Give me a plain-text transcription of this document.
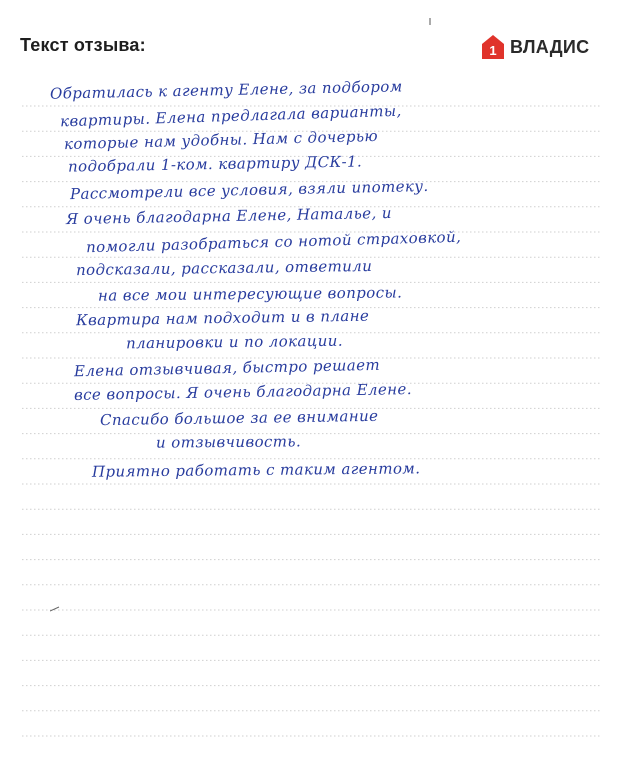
Текст отзыва:	1 ВЛАДИС
Обратилась к агенту Елене, за подбором
квартиры. Елена предлагала варианты,
которые нам удобны. Нам с дочерью
подобрали 1-ком. квартиру ДСК-1.
Рассмотрели все условия, взяли ипотеку.
Я очень благодарна Елене, Наталье, и
помогли разобраться со нотой страховкой,
подсказали, рассказали, ответили
на все мои интересующие вопросы.
Квартира нам подходит и в плане
планировки и по локации.
Елена отзывчивая, быстро решает
все вопросы. Я очень благодарна Елене.
Спасибо большое за ее внимание
и отзывчивость.
Приятно работать с таким агентом.
